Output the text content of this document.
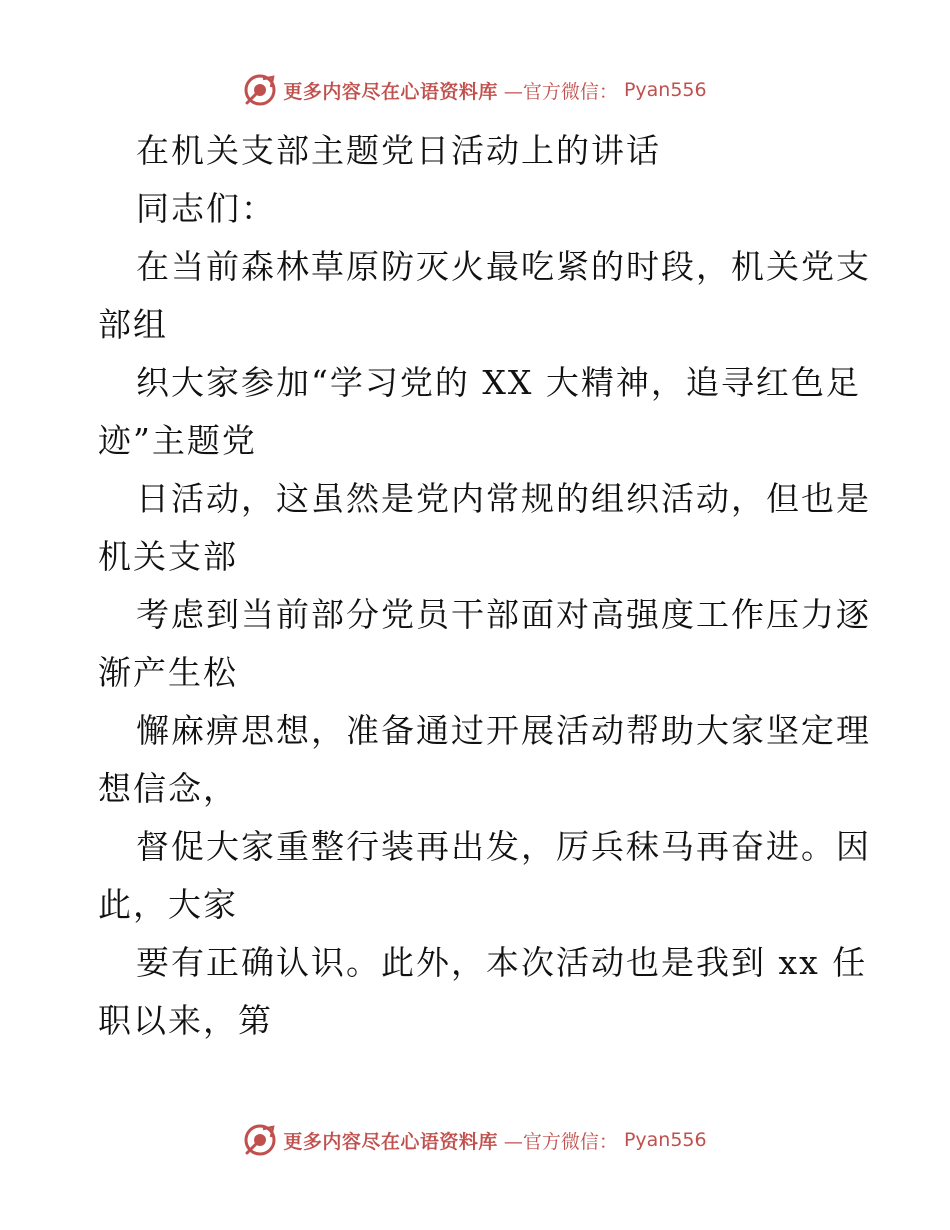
更多内容尽在心语资料库 —官方微信： Pyan556
在机关支部主题党日活动上的讲话
同志们：
在当前森林草原防灭火最吃紧的时段，机关党支
部组
织大家参加“学习党的 XX 大精神，追寻红色足
迹”主题党
日活动，这虽然是党内常规的组织活动，但也是
机关支部
考虑到当前部分党员干部面对高强度工作压力逐
渐产生松
懈麻痹思想，准备通过开展活动帮助大家坚定理
想信念，
督促大家重整行装再出发，厉兵秣马再奋进。因
此，大家
要有正确认识。此外，本次活动也是我到 xx 任
职以来，第
更多内容尽在心语资料库 —官方微信： Pyan556
